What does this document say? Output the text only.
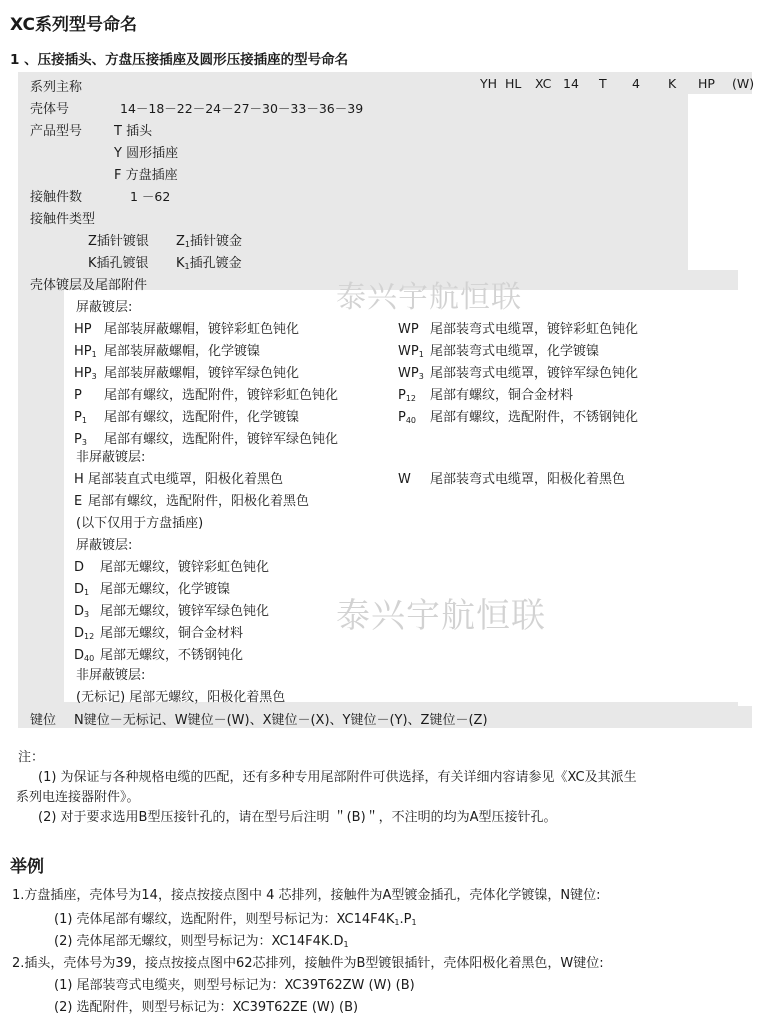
XC系列型号命名
1 、压接插头、方盘压接插座及圆形压接插座的型号命名
YH HL XC 14 T 4 K HP (W)
系列主称
壳体号	14－18－22－24－27－30－33－36－39
产品型号 T 插头
Y 圆形插座
F 方盘插座
接触件数	1 －62
接触件类型
Z插针镀银 $Z_1$插针镀金
K插孔镀银 $K_1$插孔镀金
壳体镀层及尾部附件
屏蔽镀层:
HP 尾部装屏蔽螺帽，镀锌彩虹色钝化
$HP_1$ 尾部装屏蔽螺帽，化学镀镍
$HP_3$ 尾部装屏蔽螺帽，镀锌军绿色钝化
P 尾部有螺纹，选配附件，镀锌彩虹色钝化
$P_1$ 尾部有螺纹，选配附件，化学镀镍
$P_3$ 尾部有螺纹，选配附件，镀锌军绿色钝化
WP 尾部装弯式电缆罩，镀锌彩虹色钝化
$WP_1$ 尾部装弯式电缆罩，化学镀镍
$WP_3$ 尾部装弯式电缆罩，镀锌军绿色钝化
$P_{12}$ 尾部有螺纹，铜合金材料
$P_{40}$ 尾部有螺纹，选配附件，不锈钢钝化
非屏蔽镀层:
H 尾部装直式电缆罩，阳极化着黑色
E 尾部有螺纹，选配附件，阳极化着黑色
W 尾部装弯式电缆罩，阳极化着黑色
(以下仅用于方盘插座)
屏蔽镀层:
D 尾部无螺纹，镀锌彩虹色钝化
$D_1$ 尾部无螺纹，化学镀镍
$D_3$ 尾部无螺纹，镀锌军绿色钝化
$D_{12}$ 尾部无螺纹，铜合金材料
$D_{40}$ 尾部无螺纹，不锈钢钝化
非屏蔽镀层:
(无标记) 尾部无螺纹，阳极化着黑色
键位 N键位－无标记、W键位－(W)、X键位－(X)、Y键位－(Y)、Z键位－(Z)
泰兴宇航恒联
泰兴宇航恒联
注：
(1) 为保证与各种规格电缆的匹配，还有多种专用尾部附件可供选择，有关详细内容请参见《XC及其派生
系列电连接器附件》。
(2) 对于要求选用B型压接针孔的，请在型号后注明 ＂(B)＂，不注明的均为A型压接针孔。
举例
1.方盘插座，壳体号为14，接点按接点图中 4 芯排列，接触件为A型镀金插孔，壳体化学镀镍，N键位:
(1) 壳体尾部有螺纹，选配附件，则型号标记为：$XC14F4K_1.P_1$
(2) 壳体尾部无螺纹，则型号标记为：$XC14F4K.D_1$
2.插头，壳体号为39，接点按接点图中62芯排列，接触件为B型镀银插针，壳体阳极化着黑色，W键位:
(1) 尾部装弯式电缆夹，则型号标记为：XC39T62ZW (W) (B)
(2) 选配附件，则型号标记为：XC39T62ZE (W) (B)
